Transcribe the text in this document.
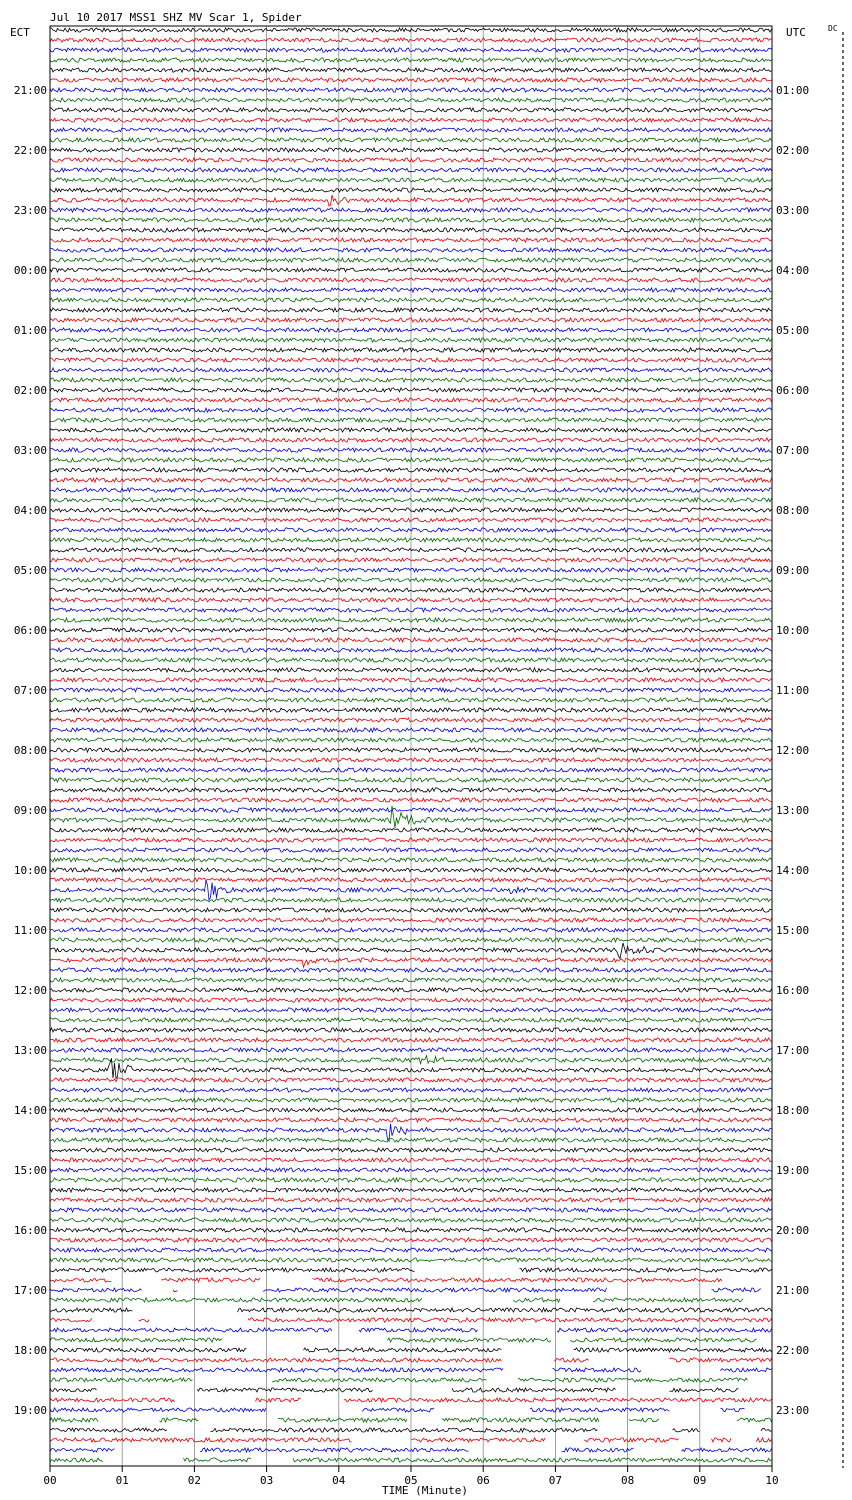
Jul 10 2017 MSS1 SHZ MV Scar 1, Spider
ECT	UTC	DC
21:00
22:00
23:00
00:00
01:00
02:00
03:00
04:00
05:00
06:00
07:00
08:00
09:00
10:00
11:00
12:00
13:00
14:00
15:00
16:00
17:00
18:00
19:00
01:00
02:00
03:00
04:00
05:00
06:00
07:00
08:00
09:00
10:00
11:00
12:00
13:00
14:00
15:00
16:00
17:00
18:00
19:00
20:00
21:00
22:00
23:00
00	01	02	03	04	05	06	07	08	09	10
TIME (Minute)
